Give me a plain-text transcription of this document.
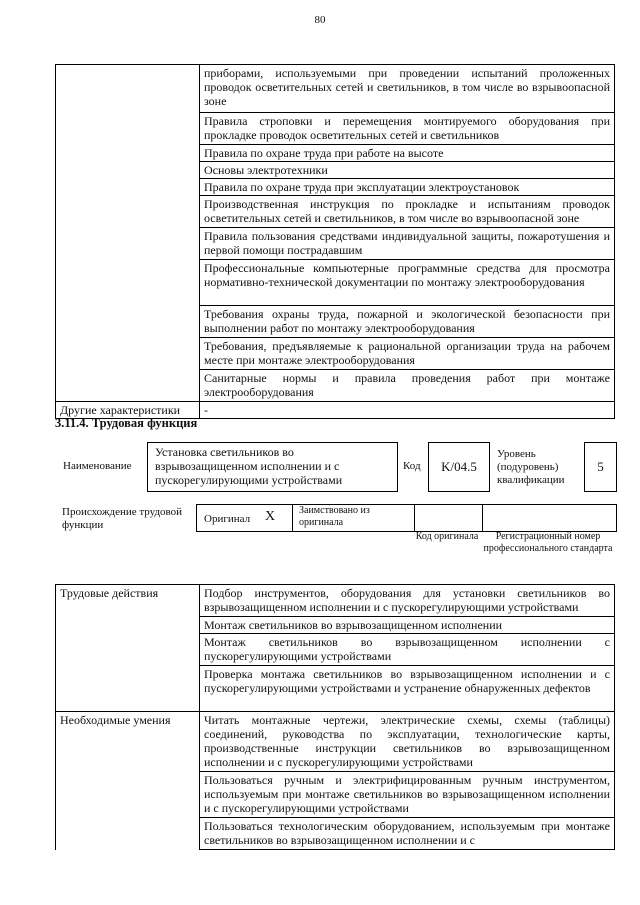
80
	приборами, используемыми при проведении испытаний проложенных проводок осветительных сетей и светильников, в том числе во взрывоопасной зоне
	Правила строповки и перемещения монтируемого оборудования при прокладке проводок осветительных сетей и светильников
	Правила по охране труда при работе на высоте
	Основы электротехники
	Правила по охране труда при эксплуатации электроустановок
	Производственная инструкция по прокладке и испытаниям проводок осветительных сетей и светильников, в том числе во взрывоопасной зоне
	Правила пользования средствами индивидуальной защиты, пожаротушения и первой помощи пострадавшим
	Профессиональные компьютерные программные средства для просмотра нормативно-технической документации по монтажу электрооборудования
	Требования охраны труда, пожарной и экологической безопасности при выполнении работ по монтажу электрооборудования
	Требования, предъявляемые к рациональной организации труда на рабочем месте при монтаже электрооборудования
	Санитарные нормы и правила проведения работ при монтаже электрооборудования
Другие характеристики	-
3.11.4. Трудовая функция
Наименование
Установка светильников во взрывозащищенном исполнении и с пускорегулирующими устройствами
Код	K/04.5
Уровень (подуровень) квалификации
5
Происхождение трудовой функции	Оригинал X Заимствовано из оригинала
Код оригинала	Регистрационный номер профессионального стандарта
Трудовые действия	Подбор инструментов, оборудования для установки светильников во взрывозащищенном исполнении и с пускорегулирующими устройствами
	Монтаж светильников во взрывозащищенном исполнении
	Монтаж светильников во взрывозащищенном исполнении с пускорегулирующими устройствами
	Проверка монтажа светильников во взрывозащищенном исполнении и с пускорегулирующими устройствами и устранение обнаруженных дефектов
Необходимые умения	Читать монтажные чертежи, электрические схемы, схемы (таблицы) соединений, руководства по эксплуатации, технологические карты, производственные инструкции светильников во взрывозащищенном исполнении и с пускорегулирующими устройствами
	Пользоваться ручным и электрифицированным ручным инструментом, используемым при монтаже светильников во взрывозащищенном исполнении и с пускорегулирующими устройствами
	Пользоваться технологическим оборудованием, используемым при монтаже светильников во взрывозащищенном исполнении и с
